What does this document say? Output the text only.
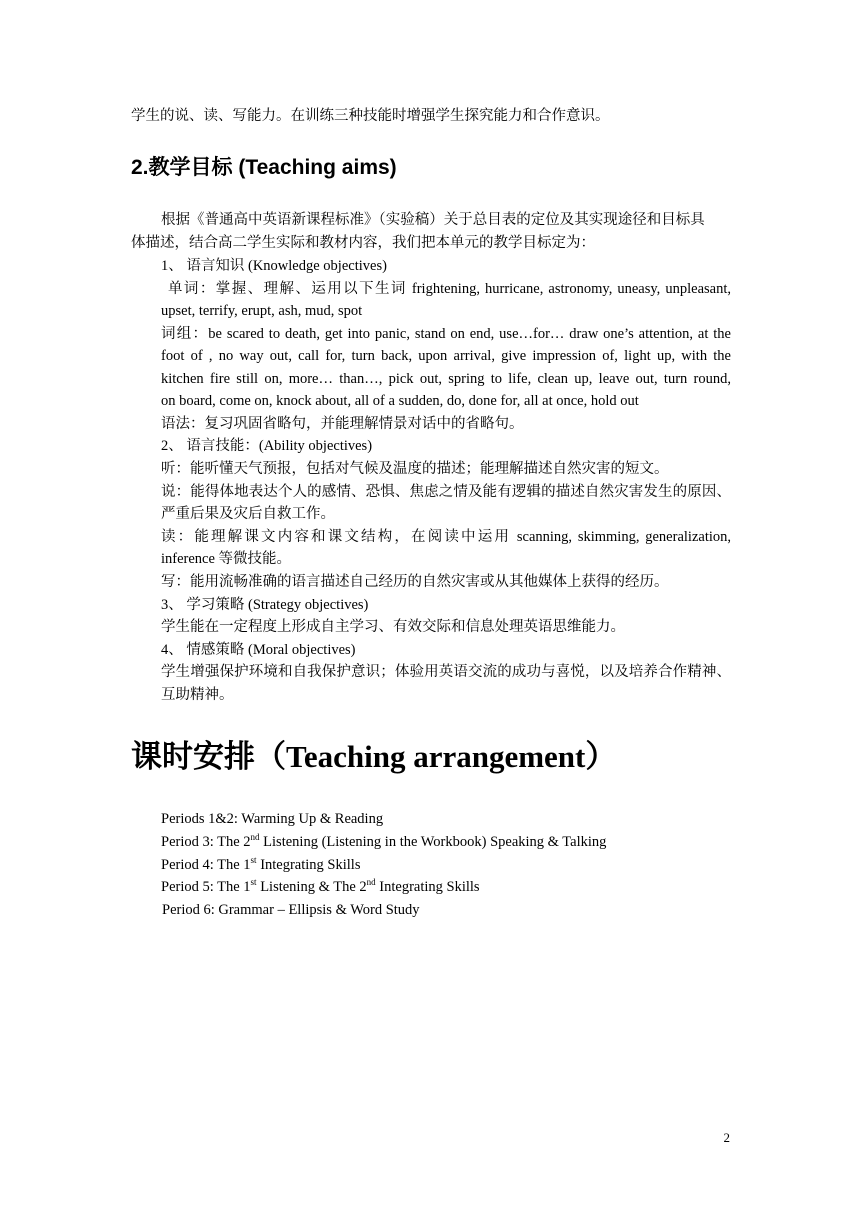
学生的说、读、写能力。在训练三种技能时增强学生探究能力和合作意识。
2.教学目标 (Teaching aims)
根据《普通高中英语新课程标准》（实验稿）关于总目表的定位及其实现途径和目标具
体描述，结合高二学生实际和教材内容，我们把本单元的教学目标定为：
1、 语言知识 (Knowledge objectives)
单词：掌握、理解、运用以下生词 frightening, hurricane, astronomy, uneasy, unpleasant,
upset, terrify, erupt, ash, mud, spot
词组：be scared to death, get into panic, stand on end, use…for… draw one’s attention, at the
foot of , no way out, call for, turn back, upon arrival, give impression of, light up, with the
kitchen fire still on, more… than…, pick out, spring to life, clean up, leave out, turn round,
on board, come on, knock about, all of a sudden, do, done for, all at once, hold out
语法：复习巩固省略句，并能理解情景对话中的省略句。
2、 语言技能：(Ability objectives)
听：能听懂天气预报，包括对气候及温度的描述；能理解描述自然灾害的短文。
说：能得体地表达个人的感情、恐惧、焦虑之情及能有逻辑的描述自然灾害发生的原因、
严重后果及灾后自救工作。
读：能理解课文内容和课文结构，在阅读中运用 scanning, skimming, generalization,
inference 等微技能。
写：能用流畅准确的语言描述自己经历的自然灾害或从其他媒体上获得的经历。
3、 学习策略 (Strategy objectives)
学生能在一定程度上形成自主学习、有效交际和信息处理英语思维能力。
4、 情感策略 (Moral objectives)
学生增强保护环境和自我保护意识；体验用英语交流的成功与喜悦，以及培养合作精神、
互助精神。
课时安排（Teaching arrangement）
Periods 1&2: Warming Up & Reading
Period 3: The 2nd Listening (Listening in the Workbook) Speaking & Talking
Period 4: The 1st Integrating Skills
Period 5: The 1st Listening & The 2nd Integrating Skills
Period 6: Grammar – Ellipsis & Word Study
2
